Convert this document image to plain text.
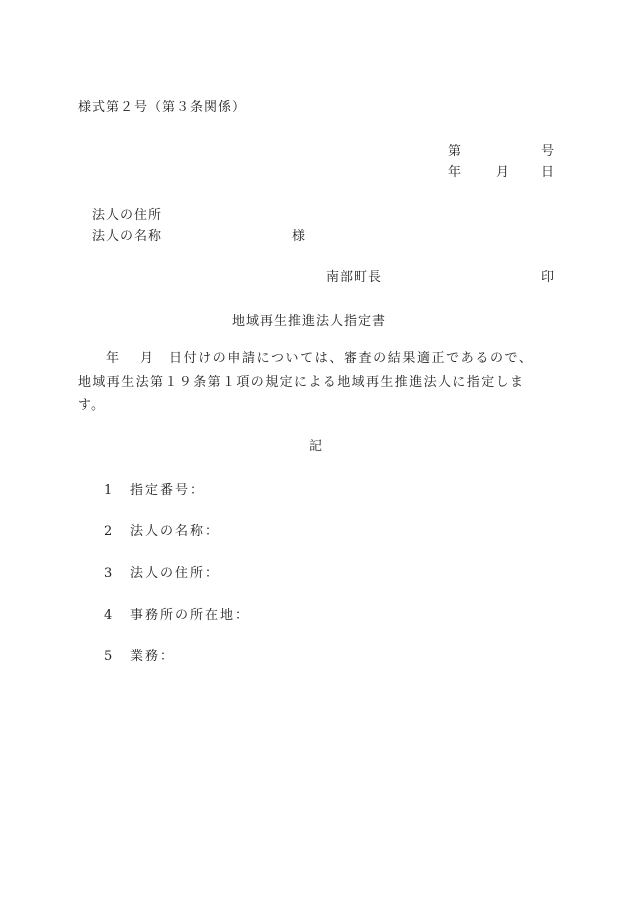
様式第２号（第３条関係）
第	号
年	月 日
法人の住所
法人の名称	様
南部町長	印
地域再生推進法人指定書
年 月 日付けの申請については、審査の結果適正であるので、
地域再生法第１９条第１項の規定による地域再生推進法人に指定しま
す。
記
1 指定番号：
2 法人の名称：
3 法人の住所：
4 事務所の所在地：
5 業務：
